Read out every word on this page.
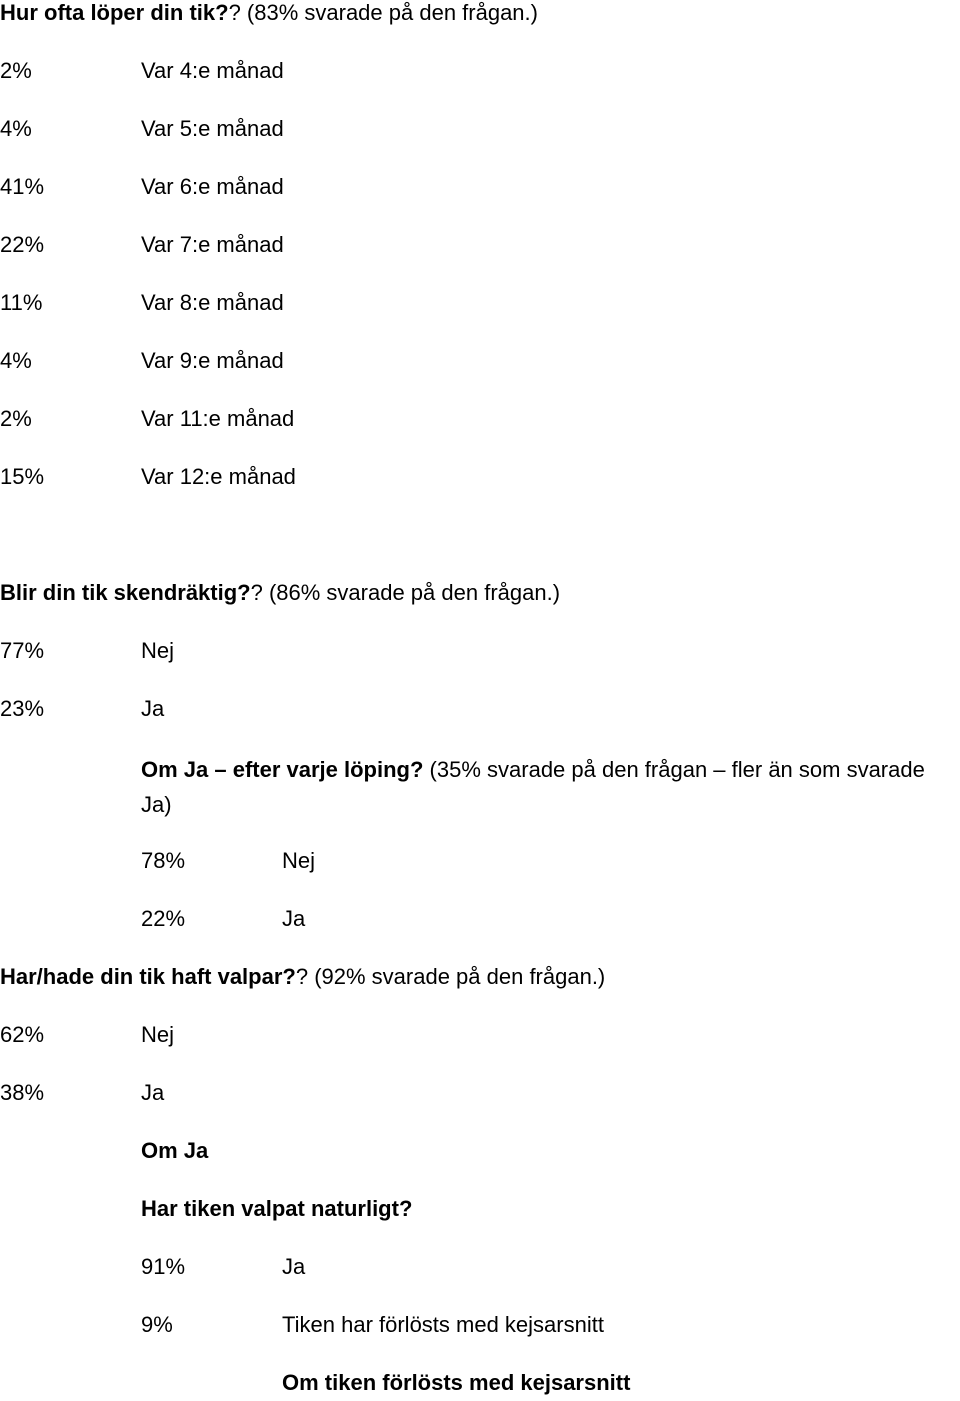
Hur ofta löper din tik?? (83% svarade på den frågan.)
2%	Var 4:e månad
4%	Var 5:e månad
41%	Var 6:e månad
22%	Var 7:e månad
11%	Var 8:e månad
4%	Var 9:e månad
2%	Var 11:e månad
15%	Var 12:e månad
Blir din tik skendräktig?? (86% svarade på den frågan.)
77%	Nej
23%	Ja
Om Ja – efter varje löping? (35% svarade på den frågan – fler än som svarade Ja)
78%	Nej
22%	Ja
Har/hade din tik haft valpar?? (92% svarade på den frågan.)
62%	Nej
38%	Ja
Om Ja
Har tiken valpat naturligt?
91%	Ja
9%	Tiken har förlösts med kejsarsnitt
Om tiken förlösts med kejsarsnitt
